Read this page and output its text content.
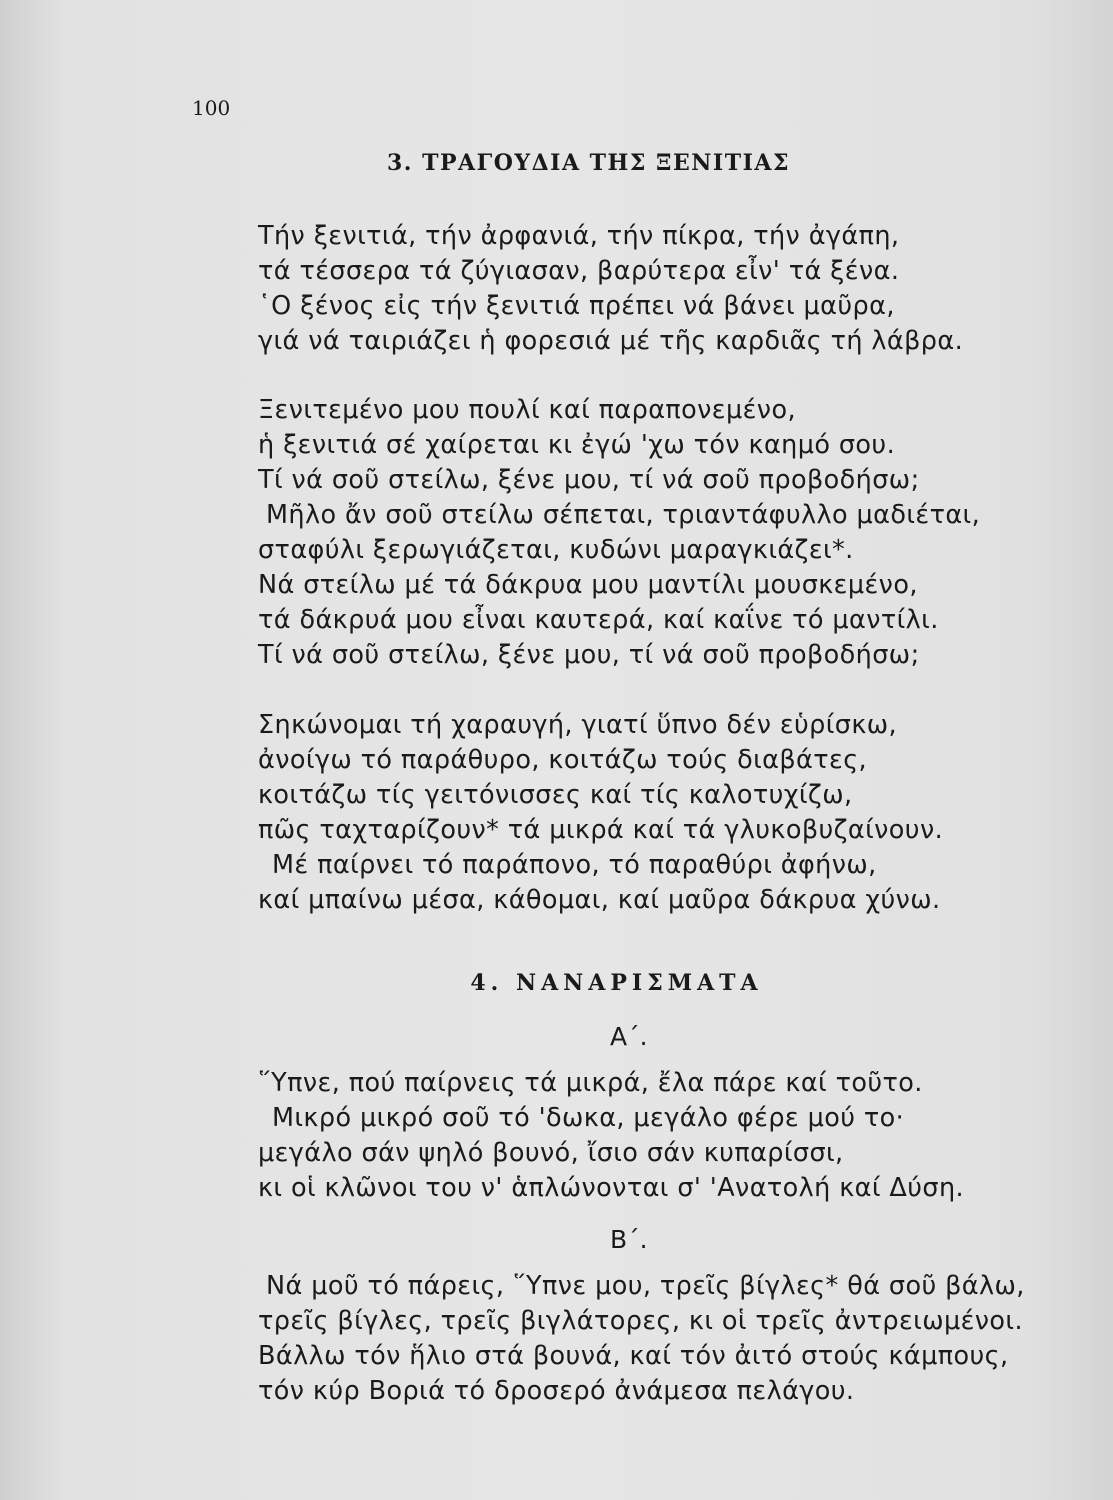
100
3. ΤΡΑΓΟΥΔΙΑ ΤΗΣ ΞΕΝΙΤΙΑΣ
Τήν ξενιτιά, τήν ἀρφανιά, τήν πίκρα, τήν ἀγάπη,
τά τέσσερα τά ζύγιασαν, βαρύτερα εἶν' τά ξένα.
῾Ο ξένος εἰς τήν ξενιτιά πρέπει νά βάνει μαῦρα,
γιά νά ταιριάζει ἡ φορεσιά μέ τῆς καρδιᾶς τή λάβρα.
Ξενιτεμένο μου πουλί καί παραπονεμένο,
ἡ ξενιτιά σέ χαίρεται κι ἐγώ 'χω τόν καημό σου.
Τί νά σοῦ στείλω, ξένε μου, τί νά σοῦ προβοδήσω;
Μῆλο ἄν σοῦ στείλω σέπεται, τριαντάφυλλο μαδιέται,
σταφύλι ξερωγιάζεται, κυδώνι μαραγκιάζει*.
Νά στείλω μέ τά δάκρυα μου μαντίλι μουσκεμένο,
τά δάκρυά μου εἶναι καυτερά, καί καΐνε τό μαντίλι.
Τί νά σοῦ στείλω, ξένε μου, τί νά σοῦ προβοδήσω;
Σηκώνομαι τή χαραυγή, γιατί ὕπνο δέν εὑρίσκω,
ἀνοίγω τό παράθυρο, κοιτάζω τούς διαβάτες,
κοιτάζω τίς γειτόνισσες καί τίς καλοτυχίζω,
πῶς ταχταρίζουν* τά μικρά καί τά γλυκοβυζαίνουν.
Μέ παίρνει τό παράπονο, τό παραθύρι ἀφήνω,
καί μπαίνω μέσα, κάθομαι, καί μαῦρα δάκρυα χύνω.
4. ΝΑΝΑΡΙΣΜΑΤΑ
Α΄.
῞Υπνε, πού παίρνεις τά μικρά, ἔλα πάρε καί τοῦτο.
Μικρό μικρό σοῦ τό 'δωκα, μεγάλο φέρε μού το·
μεγάλο σάν ψηλό βουνό, ἴσιο σάν κυπαρίσσι,
κι οἱ κλῶνοι του ν' ἁπλώνονται σ' 'Ανατολή καί Δύση.
Β΄.
Νά μοῦ τό πάρεις, ῞Υπνε μου, τρεῖς βίγλες* θά σοῦ βάλω,
τρεῖς βίγλες, τρεῖς βιγλάτορες, κι οἱ τρεῖς ἀντρειωμένοι.
Βάλλω τόν ἥλιο στά βουνά, καί τόν ἀιτό στούς κάμπους,
τόν κύρ Βοριά τό δροσερό ἀνάμεσα πελάγου.
